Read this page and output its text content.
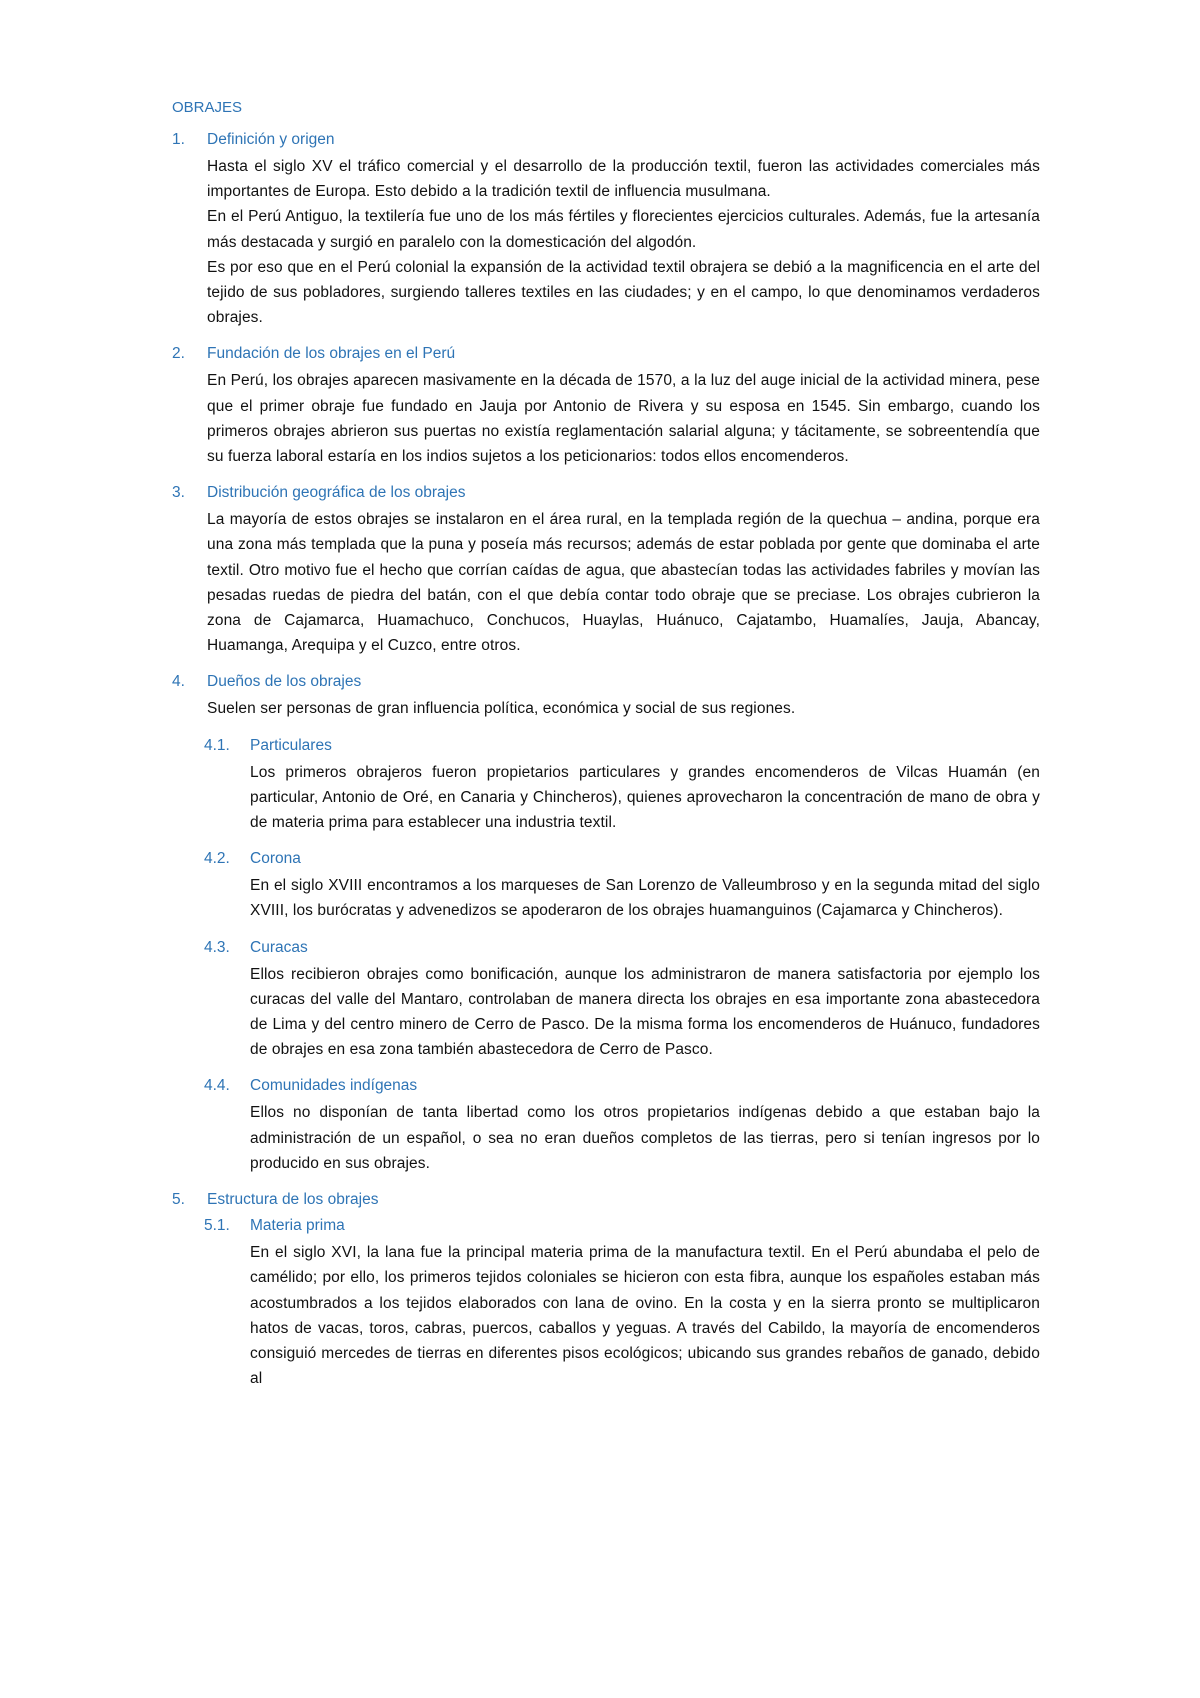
OBRAJES
1. Definición y origen

Hasta el siglo XV el tráfico comercial y el desarrollo de la producción textil, fueron las actividades comerciales más importantes de Europa. Esto debido a la tradición textil de influencia musulmana.

En el Perú Antiguo, la textilería fue uno de los más fértiles y florecientes ejercicios culturales. Además, fue la artesanía más destacada y surgió en paralelo con la domesticación del algodón.

Es por eso que en el Perú colonial la expansión de la actividad textil obrajera se debió a la magnificencia en el arte del tejido de sus pobladores, surgiendo talleres textiles en las ciudades; y en el campo, lo que denominamos verdaderos obrajes.

2. Fundación de los obrajes en el Perú

En Perú, los obrajes aparecen masivamente en la década de 1570, a la luz del auge inicial de la actividad minera, pese que el primer obraje fue fundado en Jauja por Antonio de Rivera y su esposa en 1545. Sin embargo, cuando los primeros obrajes abrieron sus puertas no existía reglamentación salarial alguna; y tácitamente, se sobreentendía que su fuerza laboral estaría en los indios sujetos a los peticionarios: todos ellos encomenderos.

3. Distribución geográfica de los obrajes

La mayoría de estos obrajes se instalaron en el área rural, en la templada región de la quechua – andina, porque era una zona más templada que la puna y poseía más recursos; además de estar poblada por gente que dominaba el arte textil. Otro motivo fue el hecho que corrían caídas de agua, que abastecían todas las actividades fabriles y movían las pesadas ruedas de piedra del batán, con el que debía contar todo obraje que se preciase. Los obrajes cubrieron la zona de Cajamarca, Huamachuco, Conchucos, Huaylas, Huánuco, Cajatambo, Huamalíes, Jauja, Abancay, Huamanga, Arequipa y el Cuzco, entre otros.

4. Dueños de los obrajes

Suelen ser personas de gran influencia política, económica y social de sus regiones.

4.1. Particulares
Los primeros obrajeros fueron propietarios particulares y grandes encomenderos de Vilcas Huamán (en particular, Antonio de Oré, en Canaria y Chincheros), quienes aprovecharon la concentración de mano de obra y de materia prima para establecer una industria textil.
4.2. Corona
En el siglo XVIII encontramos a los marqueses de San Lorenzo de Valleumbroso y en la segunda mitad del siglo XVIII, los burócratas y advenedizos se apoderaron de los obrajes huamanguinos (Cajamarca y Chincheros).
4.3. Curacas
Ellos recibieron obrajes como bonificación, aunque los administraron de manera satisfactoria por ejemplo los curacas del valle del Mantaro, controlaban de manera directa los obrajes en esa importante zona abastecedora de Lima y del centro minero de Cerro de Pasco. De la misma forma los encomenderos de Huánuco, fundadores de obrajes en esa zona también abastecedora de Cerro de Pasco.
4.4. Comunidades indígenas
Ellos no disponían de tanta libertad como los otros propietarios indígenas debido a que estaban bajo la administración de un español, o sea no eran dueños completos de las tierras, pero si tenían ingresos por lo producido en sus obrajes.
5. Estructura de los obrajes
5.1. Materia prima
En el siglo XVI, la lana fue la principal materia prima de la manufactura textil. En el Perú abundaba el pelo de camélido; por ello, los primeros tejidos coloniales se hicieron con esta fibra, aunque los españoles estaban más acostumbrados a los tejidos elaborados con lana de ovino. En la costa y en la sierra pronto se multiplicaron hatos de vacas, toros, cabras, puercos, caballos y yeguas. A través del Cabildo, la mayoría de encomenderos consiguió mercedes de tierras en diferentes pisos ecológicos; ubicando sus grandes rebaños de ganado, debido al
